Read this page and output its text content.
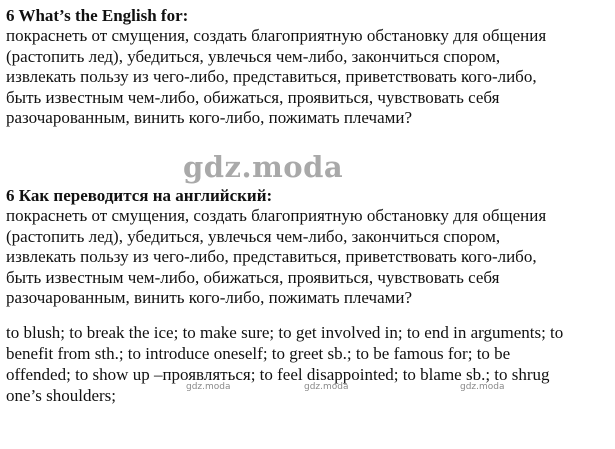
6 What’s the English for:

покраснеть от смущения, создать благоприятную обстановку для общения

(растопить лед), убедиться, увлечься чем-либо, закончиться спором,

извлекать пользу из чего-либо, представиться, приветствовать кого-либо,

быть известным чем-либо, обижаться, проявиться, чувствовать себя

разочарованным, винить кого-либо, пожимать плечами?

gdz.moda

6 Как переводится на английский:

покраснеть от смущения, создать благоприятную обстановку для общения

(растопить лед), убедиться, увлечься чем-либо, закончиться спором,

извлекать пользу из чего-либо, представиться, приветствовать кого-либо,

быть известным чем-либо, обижаться, проявиться, чувствовать себя

разочарованным, винить кого-либо, пожимать плечами?

to blush; to break the ice; to make sure; to get involved in; to end in arguments; to

benefit from sth.; to introduce oneself; to greet sb.; to be famous for; to be

offended; to show up –проявляться; to feel disappointed; to blame sb.; to shrug

one’s shoulders;	gdz.moda	gdz.moda	gdz.moda
